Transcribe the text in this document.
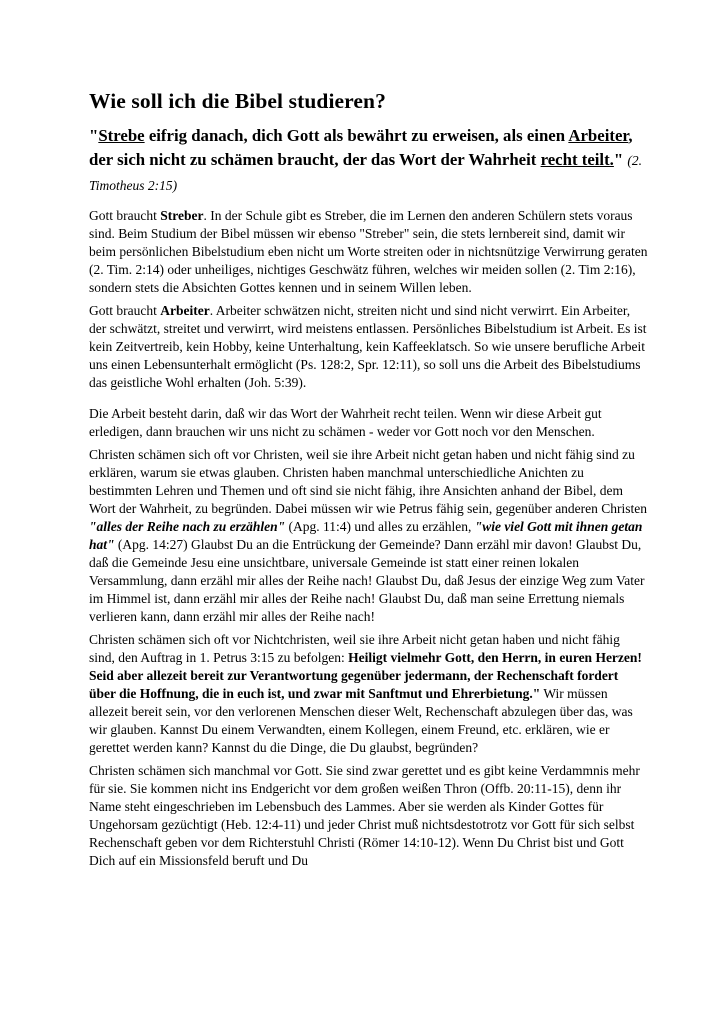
Wie soll ich die Bibel studieren?
"Strebe eifrig danach, dich Gott als bewährt zu erweisen, als einen Arbeiter, der sich nicht zu schämen braucht, der das Wort der Wahrheit recht teilt." (2. Timotheus 2:15)

Gott braucht Streber. In der Schule gibt es Streber, die im Lernen den anderen Schülern stets voraus sind. Beim Studium der Bibel müssen wir ebenso "Streber" sein, die stets lernbereit sind, damit wir beim persönlichen Bibelstudium eben nicht um Worte streiten oder in nichtsnützige Verwirrung geraten (2. Tim. 2:14) oder unheiliges, nichtiges Geschwätz führen, welches wir meiden sollen (2. Tim 2:16), sondern stets die Absichten Gottes kennen und in seinem Willen leben.

Gott braucht Arbeiter. Arbeiter schwätzen nicht, streiten nicht und sind nicht verwirrt. Ein Arbeiter, der schwätzt, streitet und verwirrt, wird meistens entlassen. Persönliches Bibelstudium ist Arbeit. Es ist kein Zeitvertreib, kein Hobby, keine Unterhaltung, kein Kaffeeklatsch. So wie unsere berufliche Arbeit uns einen Lebensunterhalt ermöglicht (Ps. 128:2, Spr. 12:11), so soll uns die Arbeit des Bibelstudiums das geistliche Wohl erhalten (Joh. 5:39).

Die Arbeit besteht darin, daß wir das Wort der Wahrheit recht teilen. Wenn wir diese Arbeit gut erledigen, dann brauchen wir uns nicht zu schämen - weder vor Gott noch vor den Menschen.

Christen schämen sich oft vor Christen, weil sie ihre Arbeit nicht getan haben und nicht fähig sind zu erklären, warum sie etwas glauben. Christen haben manchmal unterschiedliche Anichten zu bestimmten Lehren und Themen und oft sind sie nicht fähig, ihre Ansichten anhand der Bibel, dem Wort der Wahrheit, zu begründen. Dabei müssen wir wie Petrus fähig sein, gegenüber anderen Christen "alles der Reihe nach zu erzählen" (Apg. 11:4) und alles zu erzählen, "wie viel Gott mit ihnen getan hat" (Apg. 14:27) Glaubst Du an die Entrückung der Gemeinde? Dann erzähl mir davon! Glaubst Du, daß die Gemeinde Jesu eine unsichtbare, universale Gemeinde ist statt einer reinen lokalen Versammlung, dann erzähl mir alles der Reihe nach! Glaubst Du, daß Jesus der einzige Weg zum Vater im Himmel ist, dann erzähl mir alles der Reihe nach! Glaubst Du, daß man seine Errettung niemals verlieren kann, dann erzähl mir alles der Reihe nach!

Christen schämen sich oft vor Nichtchristen, weil sie ihre Arbeit nicht getan haben und nicht fähig sind, den Auftrag in 1. Petrus 3:15 zu befolgen: Heiligt vielmehr Gott, den Herrn, in euren Herzen! Seid aber allezeit bereit zur Verantwortung gegenüber jedermann, der Rechenschaft fordert über die Hoffnung, die in euch ist, und zwar mit Sanftmut und Ehrerbietung." Wir müssen allezeit bereit sein, vor den verlorenen Menschen dieser Welt, Rechenschaft abzulegen über das, was wir glauben. Kannst Du einem Verwandten, einem Kollegen, einem Freund, etc. erklären, wie er gerettet werden kann? Kannst du die Dinge, die Du glaubst, begründen?

Christen schämen sich manchmal vor Gott. Sie sind zwar gerettet und es gibt keine Verdammnis mehr für sie. Sie kommen nicht ins Endgericht vor dem großen weißen Thron (Offb. 20:11-15), denn ihr Name steht eingeschrieben im Lebensbuch des Lammes. Aber sie werden als Kinder Gottes für Ungehorsam gezüchtigt (Heb. 12:4-11) und jeder Christ muß nichtsdestotrotz vor Gott für sich selbst Rechenschaft geben vor dem Richterstuhl Christi (Römer 14:10-12). Wenn Du Christ bist und Gott Dich auf ein Missionsfeld beruft und Du
